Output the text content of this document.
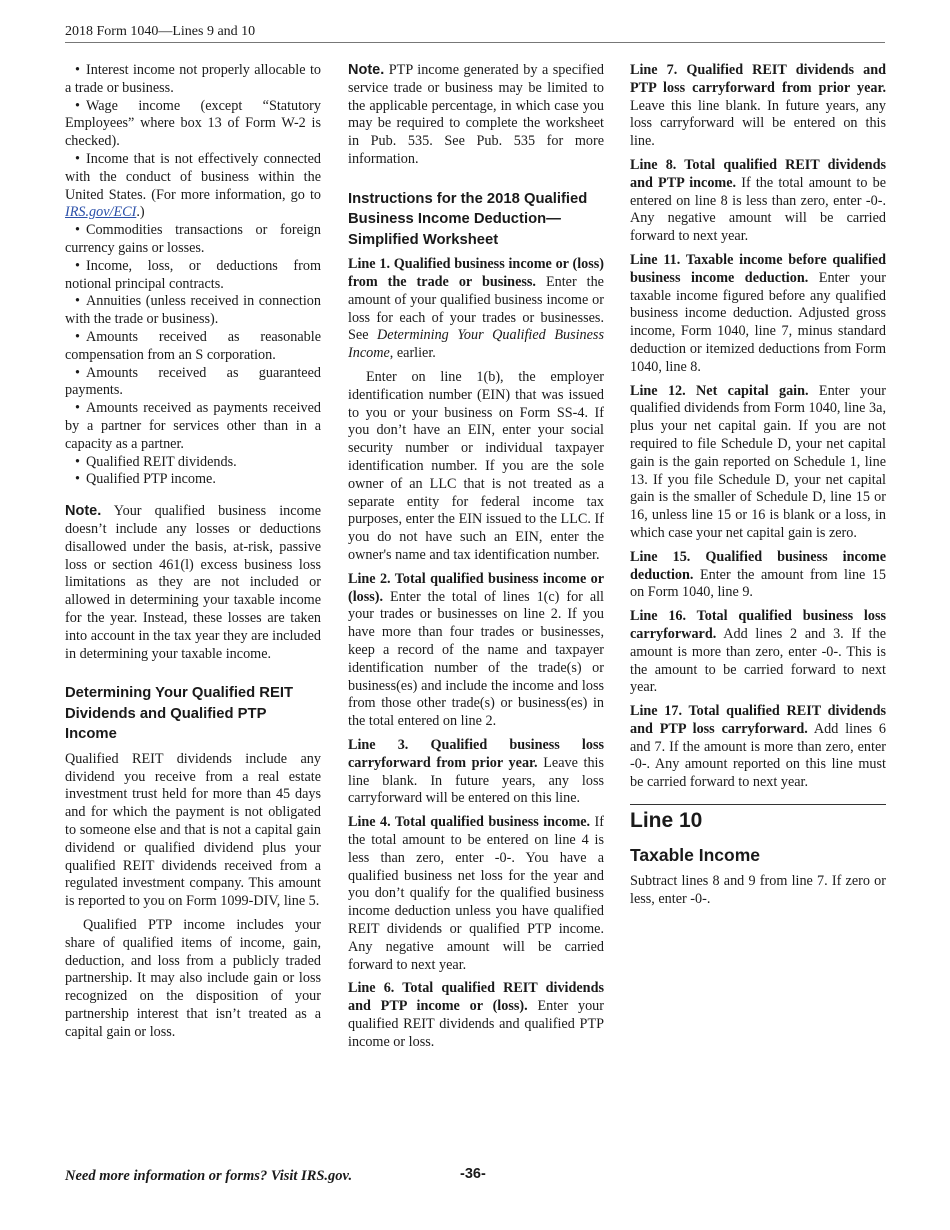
2018 Form 1040—Lines 9 and 10

• Interest income not properly allocable to a trade or business.

• Wage income (except “Statutory Employees” where box 13 of Form W-2 is checked).

• Income that is not effectively connected with the conduct of business within the United States. (For more information, go to IRS.gov/ECI.)

• Commodities transactions or foreign currency gains or losses.

• Income, loss, or deductions from notional principal contracts.

• Annuities (unless received in connection with the trade or business).

• Amounts received as reasonable compensation from an S corporation.

• Amounts received as guaranteed payments.

• Amounts received as payments received by a partner for services other than in a capacity as a partner.

• Qualified REIT dividends.

• Qualified PTP income.

Note. Your qualified business income doesn’t include any losses or deductions disallowed under the basis, at-risk, passive loss or section 461(l) excess business loss limitations as they are not included or allowed in determining your taxable income for the year. Instead, these losses are taken into account in the tax year they are included in determining your taxable income.

Determining Your Qualified REIT Dividends and Qualified PTP Income

Qualified REIT dividends include any dividend you receive from a real estate investment trust held for more than 45 days and for which the payment is not obligated to someone else and that is not a capital gain dividend or qualified dividend plus your qualified REIT dividends received from a regulated investment company. This amount is reported to you on Form 1099-DIV, line 5.

Qualified PTP income includes your share of qualified items of income, gain, deduction, and loss from a publicly traded partnership. It may also include gain or loss recognized on the disposition of your partnership interest that isn’t treated as a capital gain or loss.

Note. PTP income generated by a specified service trade or business may be limited to the applicable percentage, in which case you may be required to complete the worksheet in Pub. 535. See Pub. 535 for more information.

Instructions for the 2018 Qualified Business Income Deduction—Simplified Worksheet

Line 1. Qualified business income or (loss) from the trade or business. Enter the amount of your qualified business income or loss for each of your trades or businesses. See Determining Your Qualified Business Income, earlier.

Enter on line 1(b), the employer identification number (EIN) that was issued to you or your business on Form SS-4. If you don’t have an EIN, enter your social security number or individual taxpayer identification number. If you are the sole owner of an LLC that is not treated as a separate entity for federal income tax purposes, enter the EIN issued to the LLC. If you do not have such an EIN, enter the owner's name and tax identification number.

Line 2. Total qualified business income or (loss). Enter the total of lines 1(c) for all your trades or businesses on line 2. If you have more than four trades or businesses, keep a record of the name and taxpayer identification number of the trade(s) or business(es) and include the income and loss from those other trade(s) or business(es) in the total entered on line 2.

Line 3. Qualified business loss carryforward from prior year. Leave this line blank. In future years, any loss carryforward will be entered on this line.

Line 4. Total qualified business income. If the total amount to be entered on line 4 is less than zero, enter -0-. You have a qualified business net loss for the year and you don’t qualify for the qualified business income deduction unless you have qualified REIT dividends or qualified PTP income. Any negative amount will be carried forward to next year.

Line 6. Total qualified REIT dividends and PTP income or (loss). Enter your qualified REIT dividends and qualified PTP income or loss.

Line 7. Qualified REIT dividends and PTP loss carryforward from prior year. Leave this line blank. In future years, any loss carryforward will be entered on this line.

Line 8. Total qualified REIT dividends and PTP income. If the total amount to be entered on line 8 is less than zero, enter -0-. Any negative amount will be carried forward to next year.

Line 11. Taxable income before qualified business income deduction. Enter your taxable income figured before any qualified business income deduction. Adjusted gross income, Form 1040, line 7, minus standard deduction or itemized deductions from Form 1040, line 8.

Line 12. Net capital gain. Enter your qualified dividends from Form 1040, line 3a, plus your net capital gain. If you are not required to file Schedule D, your net capital gain is the gain reported on Schedule 1, line 13. If you file Schedule D, your net capital gain is the smaller of Schedule D, line 15 or 16, unless line 15 or 16 is blank or a loss, in which case your net capital gain is zero.

Line 15. Qualified business income deduction. Enter the amount from line 15 on Form 1040, line 9.

Line 16. Total qualified business loss carryforward. Add lines 2 and 3. If the amount is more than zero, enter -0-. This is the amount to be carried forward to next year.

Line 17. Total qualified REIT dividends and PTP loss carryforward. Add lines 6 and 7. If the amount is more than zero, enter -0-. Any amount reported on this line must be carried forward to next year.

Line 10
Taxable Income

Subtract lines 8 and 9 from line 7. If zero or less, enter -0-.

Need more information or forms? Visit IRS.gov.	-36-
